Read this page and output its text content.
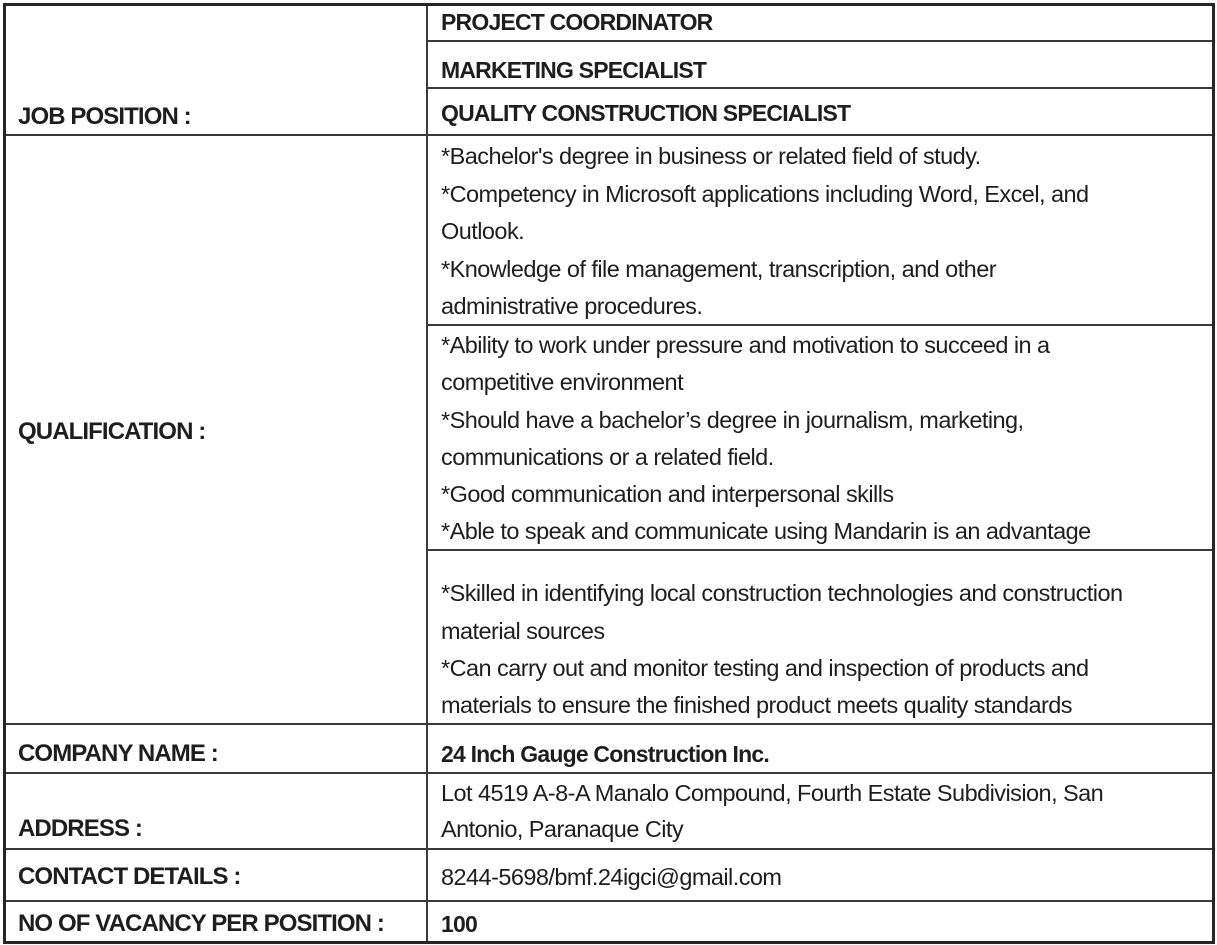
JOB POSITION :
QUALIFICATION :
COMPANY NAME :
ADDRESS :
CONTACT DETAILS :
NO OF VACANCY PER POSITION :
PROJECT COORDINATOR
MARKETING SPECIALIST
QUALITY CONSTRUCTION SPECIALIST
*Bachelor's degree in business or related field of study.
*Competency in Microsoft applications including Word, Excel, and
Outlook.
*Knowledge of file management, transcription, and other
administrative procedures.
*Ability to work under pressure and motivation to succeed in a
competitive environment
*Should have a bachelor’s degree in journalism, marketing,
communications or a related field.
*Good communication and interpersonal skills
*Able to speak and communicate using Mandarin is an advantage
*Skilled in identifying local construction technologies and construction
material sources
*Can carry out and monitor testing and inspection of products and
materials to ensure the finished product meets quality standards
24 Inch Gauge Construction Inc.
Lot 4519 A-8-A Manalo Compound, Fourth Estate Subdivision, San
Antonio, Paranaque City
8244-5698/bmf.24igci@gmail.com
100
